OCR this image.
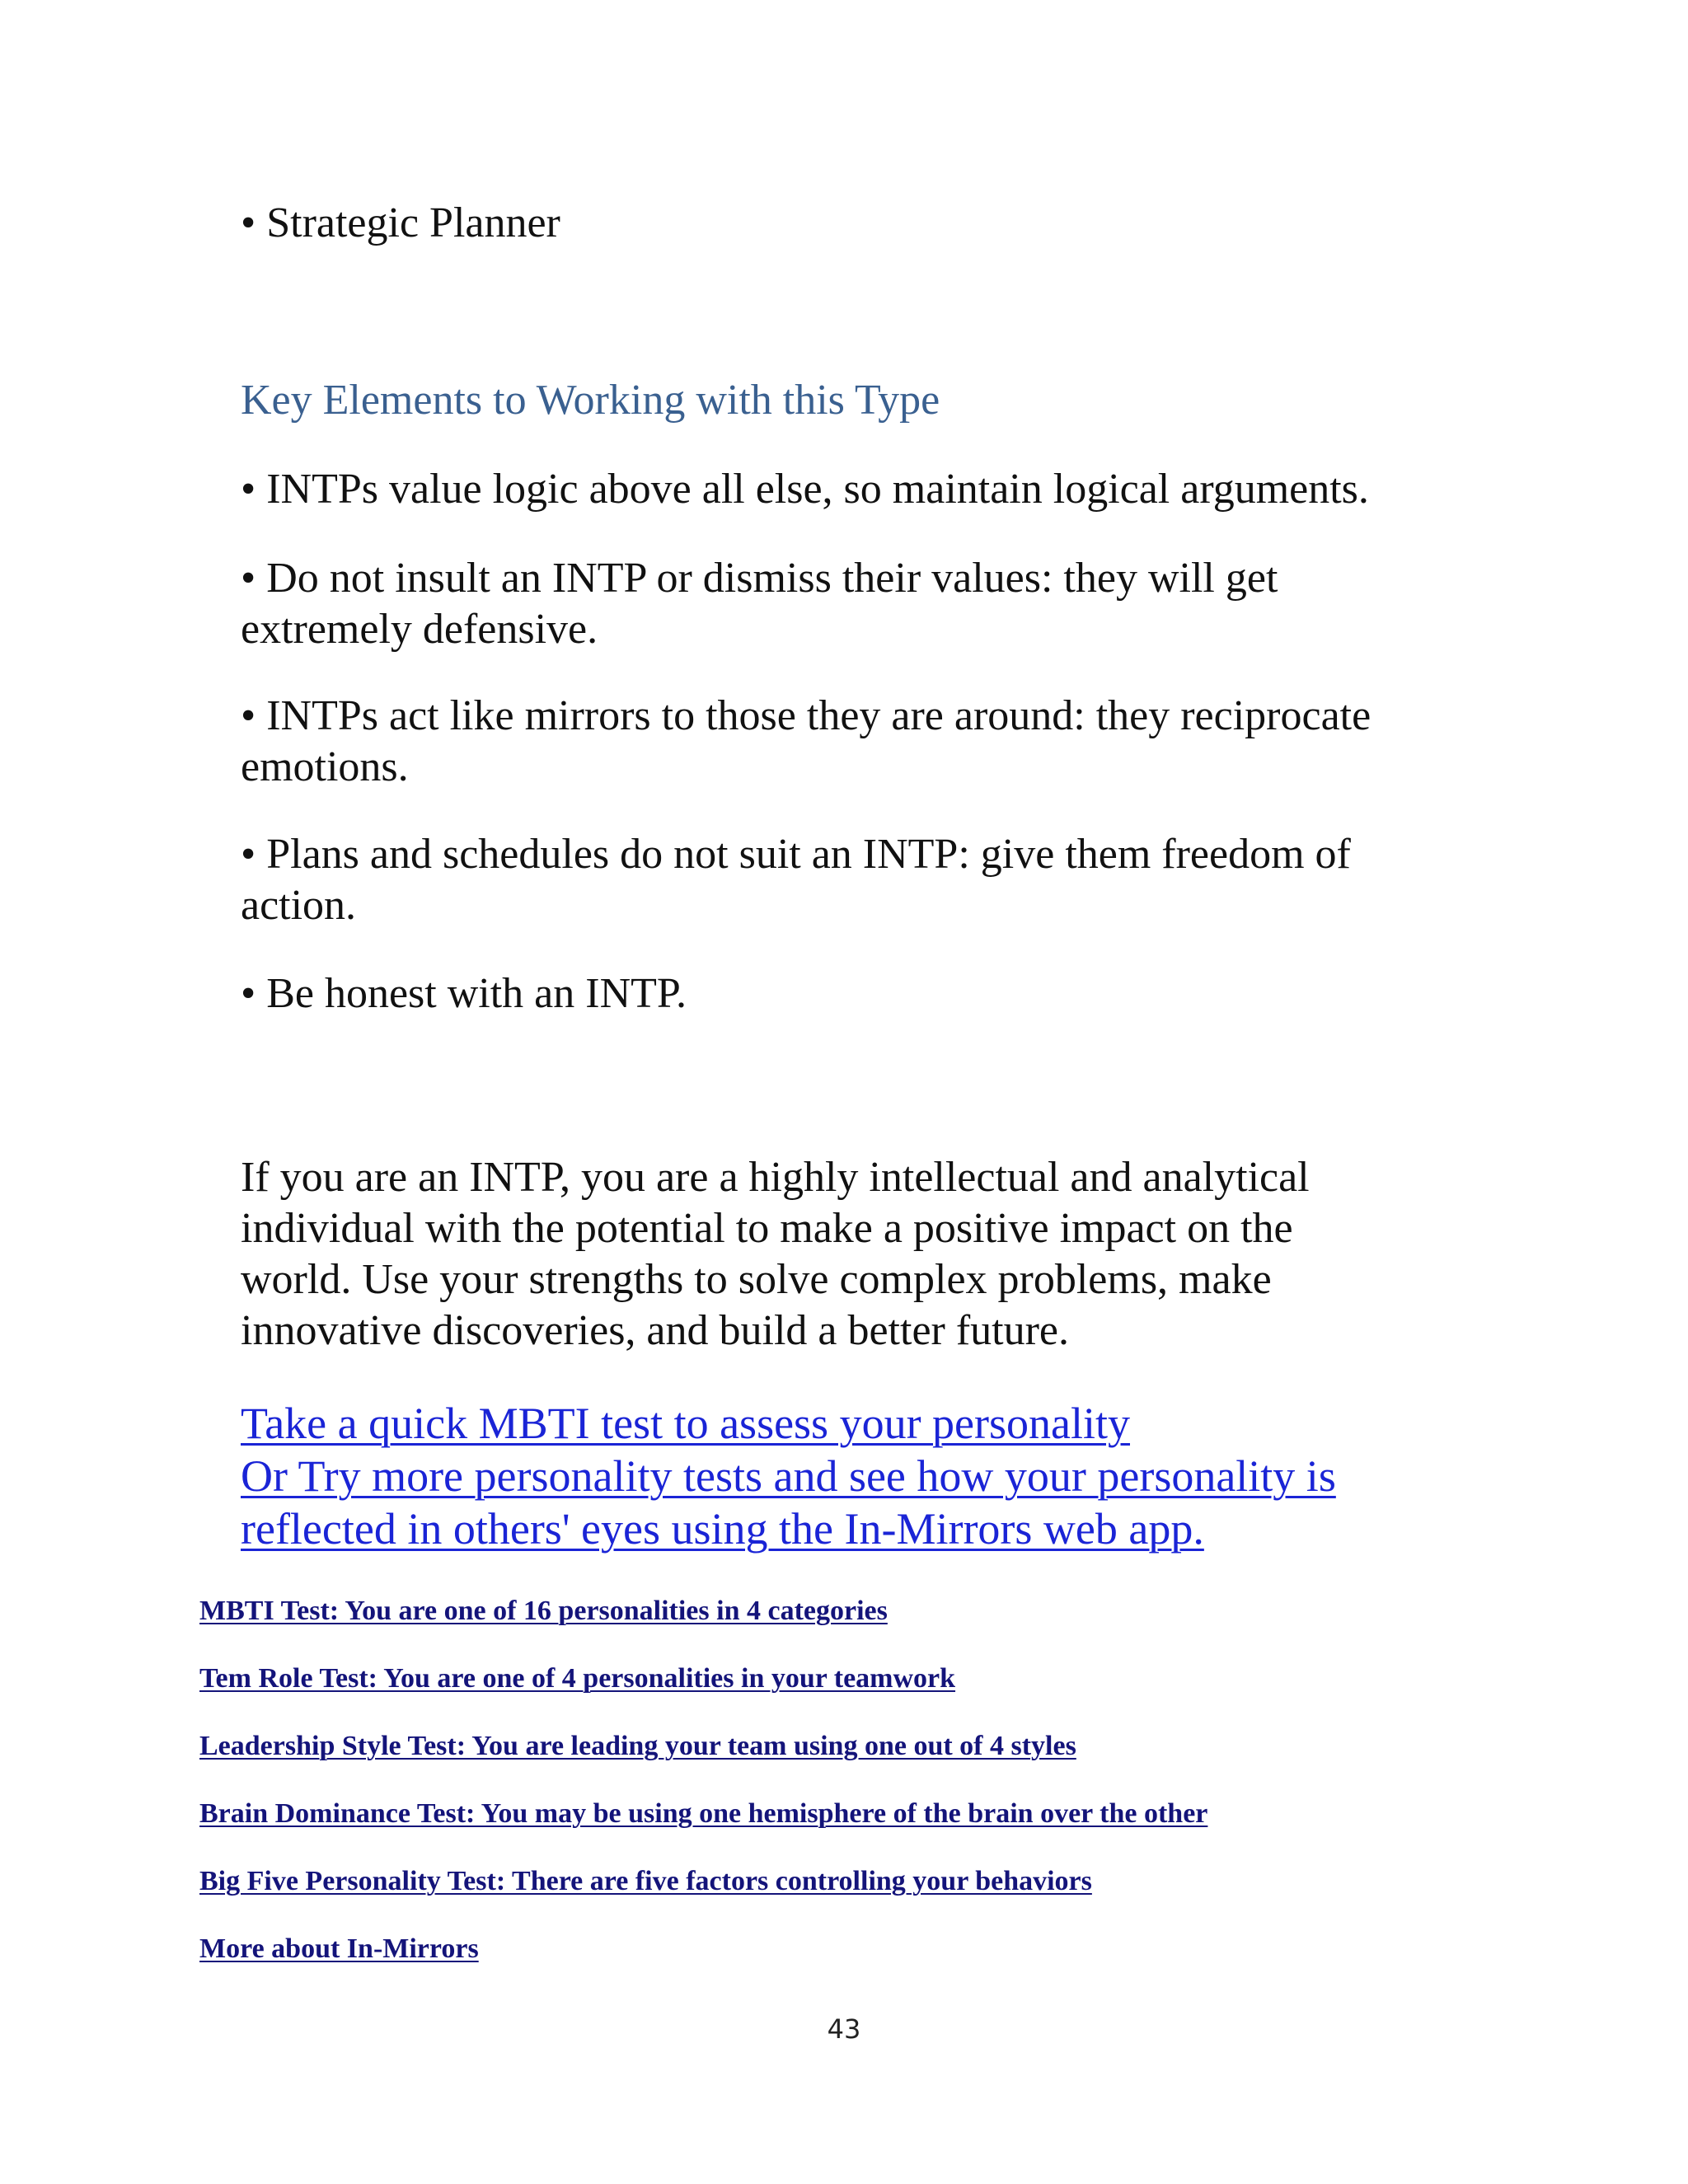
• Strategic Planner

Key Elements to Working with this Type

• INTPs value logic above all else, so maintain logical arguments.

• Do not insult an INTP or dismiss their values: they will get extremely defensive.

• INTPs act like mirrors to those they are around: they reciprocate emotions.

• Plans and schedules do not suit an INTP: give them freedom of action.

• Be honest with an INTP.

If you are an INTP, you are a highly intellectual and analytical individual with the potential to make a positive impact on the world. Use your strengths to solve complex problems, make innovative discoveries, and build a better future.

Take a quick MBTI test to assess your personality
Or Try more personality tests and see how your personality is reflected in others' eyes using the In-Mirrors web app.
MBTI Test: You are one of 16 personalities in 4 categories
Tem Role Test: You are one of 4 personalities in your teamwork
Leadership Style Test: You are leading your team using one out of 4 styles
Brain Dominance Test: You may be using one hemisphere of the brain over the other
Big Five Personality Test: There are five factors controlling your behaviors
More about In-Mirrors
43
